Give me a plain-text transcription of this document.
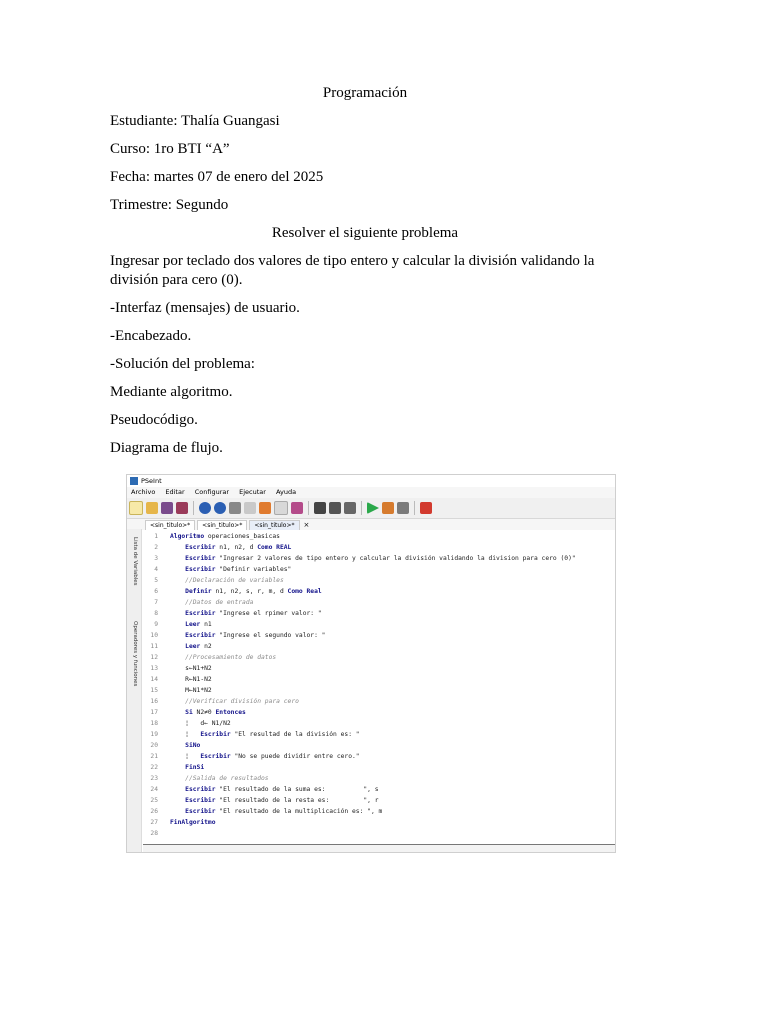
Programación
Estudiante: Thalía Guangasi
Curso: 1ro BTI “A”
Fecha: martes 07 de enero del 2025
Trimestre: Segundo
Resolver el siguiente problema
Ingresar por teclado dos valores de tipo entero y calcular la división validando la división para cero (0).
-Interfaz (mensajes) de usuario.
-Encabezado.
-Solución del problema:
Mediante algoritmo.
Pseudocódigo.
Diagrama de flujo.
PSeInt
Archivo Editar Configurar Ejecutar Ayuda
<sin_titulo>*	<sin_titulo>*	<sin_titulo>*	×
Lista de Variables
Operadores y funciones
1 Algoritmo operaciones_basicas
2	Escribir n1, n2, d Como REAL
3	Escribir "Ingresar 2 valores de tipo entero y calcular la división validando la division para cero (0)"
4	Escribir "Definir variables"
5	//Declaración de variables
6	Definir n1, n2, s, r, m, d Como Real
7	//Datos de entrada
8	Escribir "Ingrese el rpimer valor: "
9	Leer n1
10	Escribir "Ingrese el segundo valor: "
11	Leer n2
12	//Procesamiento de datos
13	s←N1+N2
14	R←N1-N2
15	M←N1*N2
16	//Verificar división para cero
17	Si N2≠0 Entonces
18 ¦   d← N1/N2
19 ¦   Escribir "El resultad de la división es: "
20	SiNo
21 ¦   Escribir "No se puede dividir entre cero."
22	FinSi
23	//Salida de resultados
24	Escribir "El resultado de la suma es:          ", s
25	Escribir "El resultado de la resta es:         ", r
26	Escribir "El resultado de la multiplicación es: ", m
27 FinAlgoritmo
28
